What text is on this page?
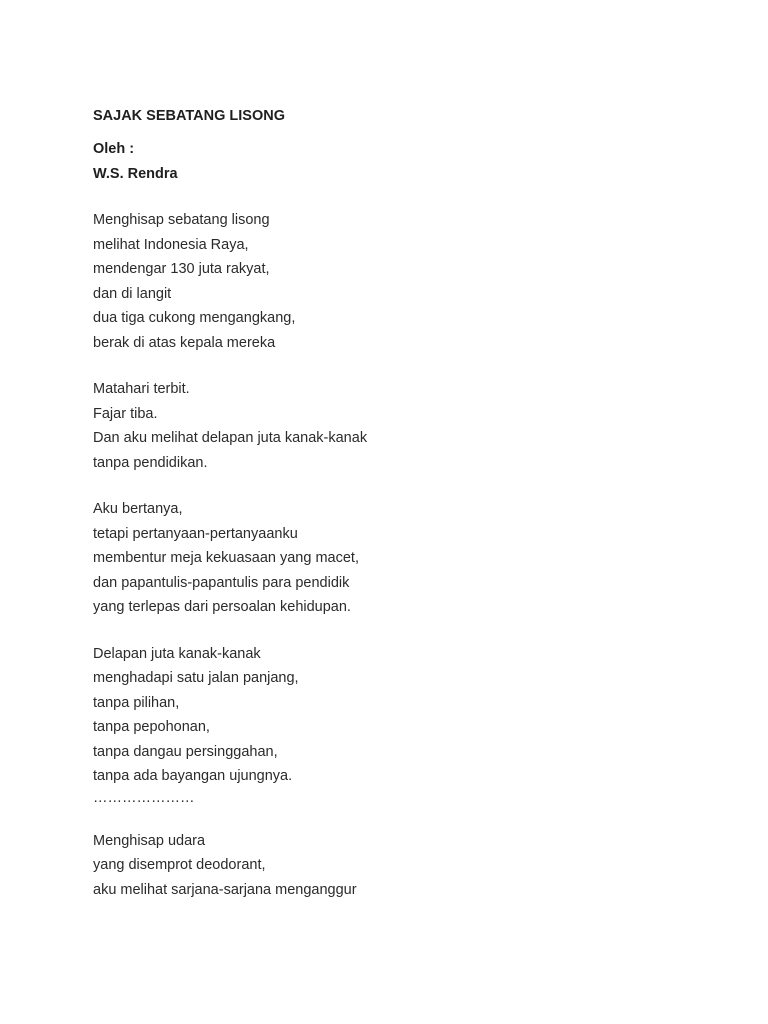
SAJAK SEBATANG LISONG
Oleh :
W.S. Rendra
Menghisap sebatang lisong
melihat Indonesia Raya,
mendengar 130 juta rakyat,
dan di langit
dua tiga cukong mengangkang,
berak di atas kepala mereka
Matahari terbit.
Fajar tiba.
Dan aku melihat delapan juta kanak-kanak
tanpa pendidikan.
Aku bertanya,
tetapi pertanyaan-pertanyaanku
membentur meja kekuasaan yang macet,
dan papantulis-papantulis para pendidik
yang terlepas dari persoalan kehidupan.
Delapan juta kanak-kanak
menghadapi satu jalan panjang,
tanpa pilihan,
tanpa pepohonan,
tanpa dangau persinggahan,
tanpa ada bayangan ujungnya.
…………………
Menghisap udara
yang disemprot deodorant,
aku melihat sarjana-sarjana menganggur
